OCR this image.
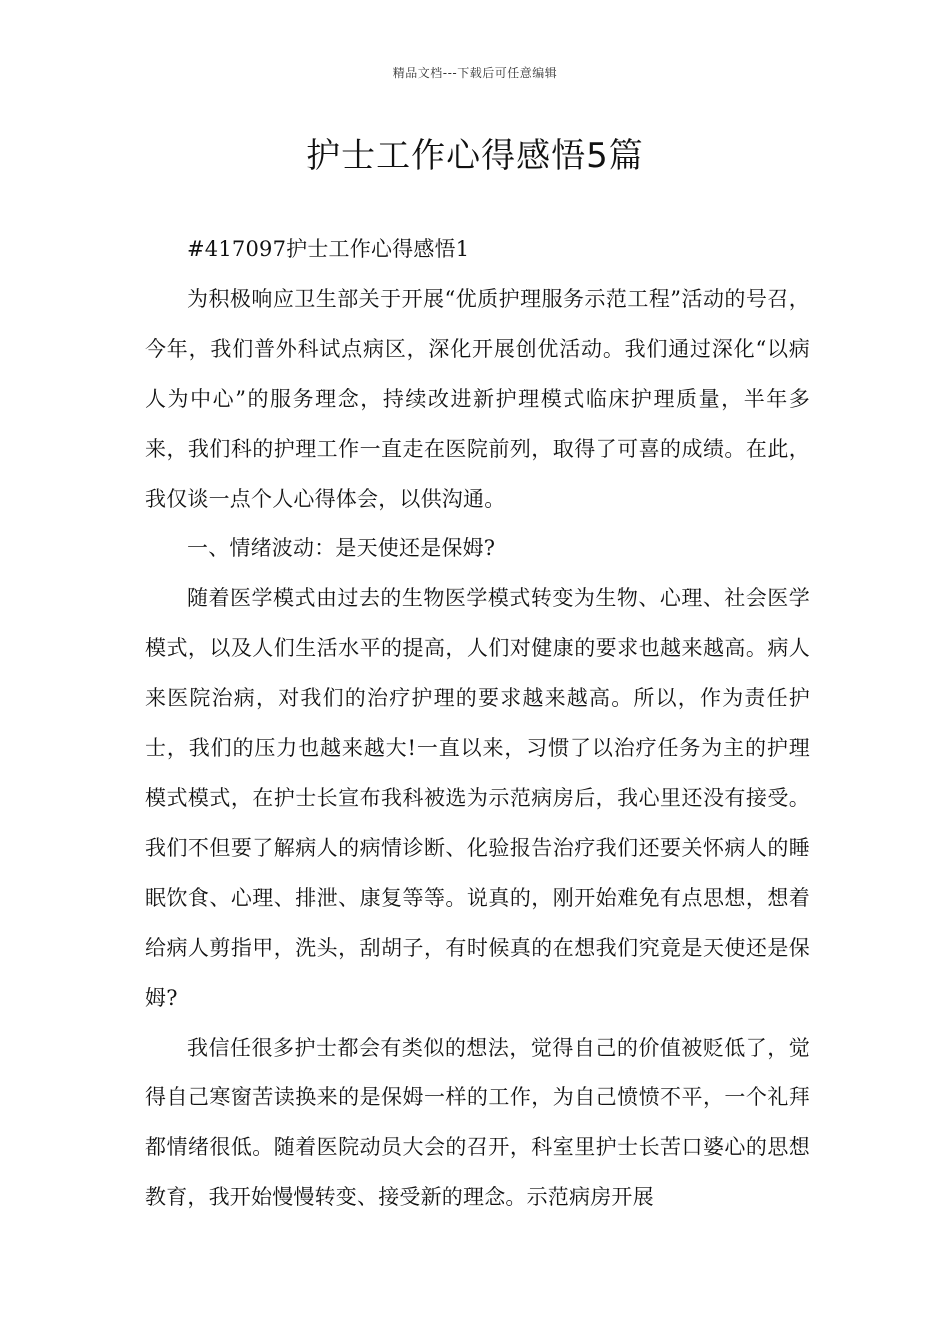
精品文档---下载后可任意编辑
护士工作心得感悟5篇

#417097护士工作心得感悟1

为积极响应卫生部关于开展“优质护理服务示范工程”活动的号召，今年，我们普外科试点病区，深化开展创优活动。我们通过深化“以病人为中心”的服务理念，持续改进新护理模式临床护理质量，半年多来，我们科的护理工作一直走在医院前列，取得了可喜的成绩。在此，我仅谈一点个人心得体会，以供沟通。

一、情绪波动：是天使还是保姆?

随着医学模式由过去的生物医学模式转变为生物、心理、社会医学模式，以及人们生活水平的提高，人们对健康的要求也越来越高。病人来医院治病，对我们的治疗护理的要求越来越高。所以，作为责任护士，我们的压力也越来越大!一直以来，习惯了以治疗任务为主的护理模式模式，在护士长宣布我科被选为示范病房后，我心里还没有接受。我们不但要了解病人的病情诊断、化验报告治疗我们还要关怀病人的睡眠饮食、心理、排泄、康复等等。说真的，刚开始难免有点思想，想着给病人剪指甲，洗头，刮胡子，有时候真的在想我们究竟是天使还是保姆?

我信任很多护士都会有类似的想法，觉得自己的价值被贬低了，觉得自己寒窗苦读换来的是保姆一样的工作，为自己愤愤不平，一个礼拜都情绪很低。随着医院动员大会的召开，科室里护士长苦口婆心的思想教育，我开始慢慢转变、接受新的理念。示范病房开展
